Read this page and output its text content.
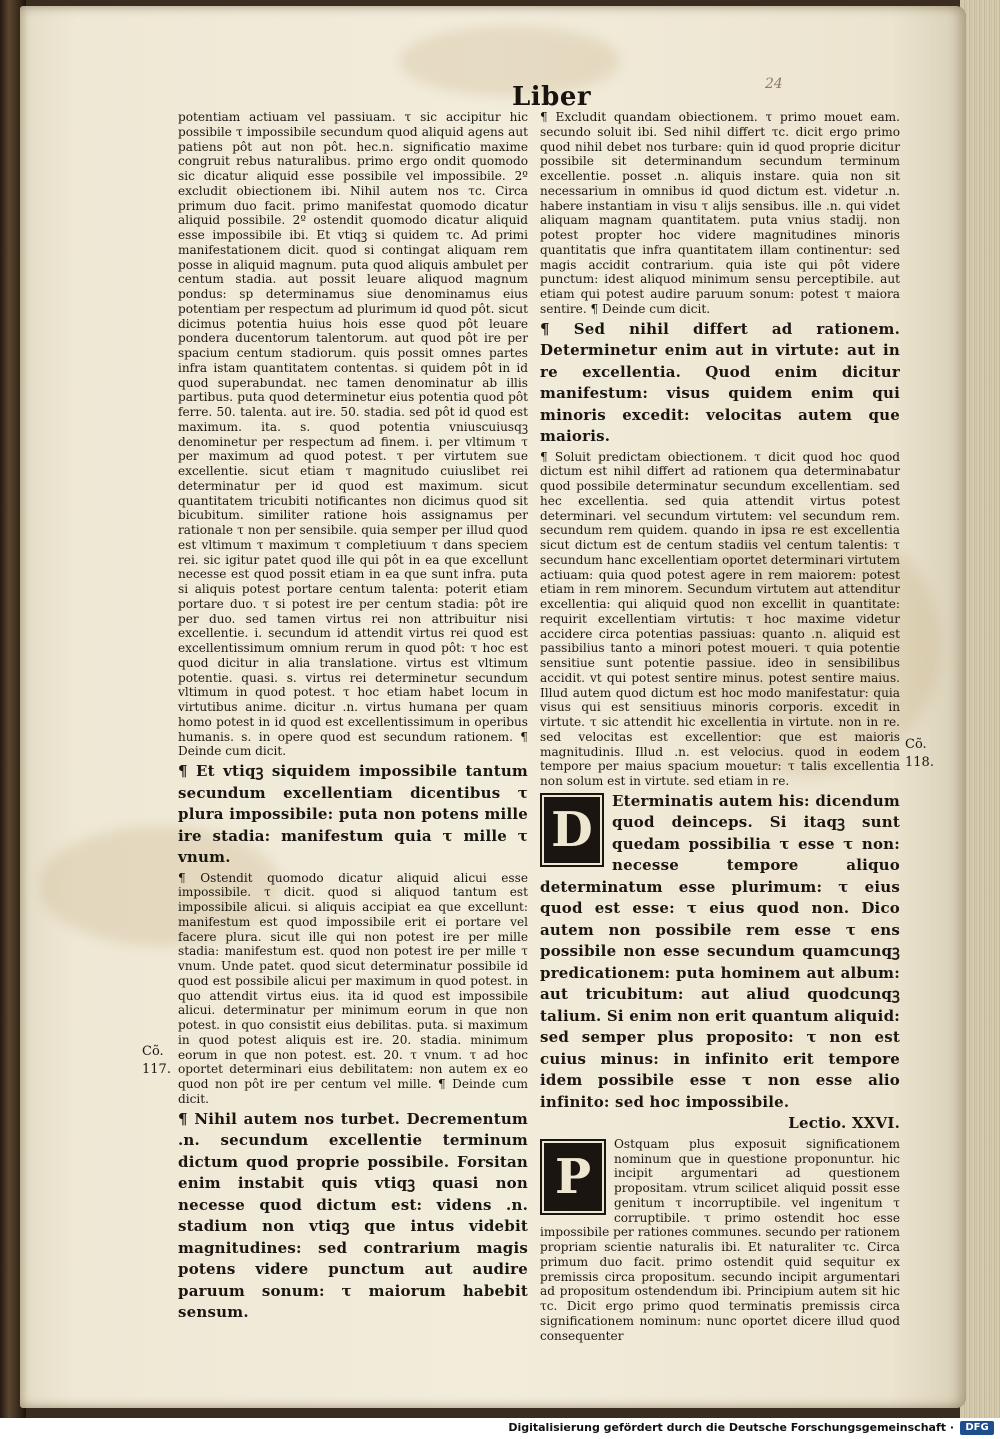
24
Liber

potentiam actiuam vel passiuam. τ sic accipitur hic possibile τ impossibile secundum quod aliquid agens aut patiens pôt aut non pôt. hec.n. significatio maxime congruit rebus naturalibus. primo ergo ondit quomodo sic dicatur aliquid esse possibile vel impossibile. 2º excludit obiectionem ibi. Nihil autem nos τc. Circa primum duo facit. primo manifestat quomodo dicatur aliquid possibile. 2º ostendit quomodo dicatur aliquid esse impossibile ibi. Et vtiqꝫ si quidem τc. Ad primi manifestationem dicit. quod si contingat aliquam rem posse in aliquid magnum. puta quod aliquis ambulet per centum stadia. aut possit leuare aliquod magnum pondus: sp determinamus siue denominamus eius potentiam per respectum ad plurimum id quod pôt. sicut dicimus potentia huius hois esse quod pôt leuare pondera ducentorum talentorum. aut quod pôt ire per spacium centum stadiorum. quis possit omnes partes infra istam quantitatem contentas. si quidem pôt in id quod superabundat. nec tamen denominatur ab illis partibus. puta quod determinetur eius potentia quod pôt ferre. 50. talenta. aut ire. 50. stadia. sed pôt id quod est maximum. ita. s. quod potentia vniuscuiusqꝫ denominetur per respectum ad finem. i. per vltimum τ per maximum ad quod potest. τ per virtutem sue excellentie. sicut etiam τ magnitudo cuiuslibet rei determinatur per id quod est maximum. sicut quantitatem tricubiti notificantes non dicimus quod sit bicubitum. similiter ratione hois assignamus per rationale τ non per sensibile. quia semper per illud quod est vltimum τ maximum τ completiuum τ dans speciem rei. sic igitur patet quod ille qui pôt in ea que excellunt necesse est quod possit etiam in ea que sunt infra. puta si aliquis potest portare centum talenta: poterit etiam portare duo. τ si potest ire per centum stadia: pôt ire per duo. sed tamen virtus rei non attribuitur nisi excellentie. i. secundum id attendit virtus rei quod est excellentissimum omnium rerum in quod pôt: τ hoc est quod dicitur in alia translatione. virtus est vltimum potentie. quasi. s. virtus rei determinetur secundum vltimum in quod potest. τ hoc etiam habet locum in virtutibus anime. dicitur .n. virtus humana per quam homo potest in id quod est excellentissimum in operibus humanis. s. in opere quod est secundum rationem. ¶ Deinde cum dicit.

¶ Et vtiqꝫ siquidem impossibile tantum secundum excellentiam dicentibus τ plura impossibile: puta non potens mille ire stadia: manifestum quia τ mille τ vnum.

¶ Ostendit quomodo dicatur aliquid alicui esse impossibile. τ dicit. quod si aliquod tantum est impossibile alicui. si aliquis accipiat ea que excellunt: manifestum est quod impossibile erit ei portare vel facere plura. sicut ille qui non potest ire per mille stadia: manifestum est. quod non potest ire per mille τ vnum. Unde patet. quod sicut determinatur possibile id quod est possibile alicui per maximum in quod potest. in quo attendit virtus eius. ita id quod est impossibile alicui. determinatur per minimum eorum in que non potest. in quo consistit eius debilitas. puta. si maximum in quod potest aliquis est ire. 20. stadia. minimum eorum in que non potest. est. 20. τ vnum. τ ad hoc oportet determinari eius debilitatem: non autem ex eo quod non pôt ire per centum vel mille. ¶ Deinde cum dicit.

¶ Nihil autem nos turbet. Decrementum .n. secundum excellentie terminum dictum quod proprie possibile. Forsitan enim instabit quis vtiqꝫ quasi non necesse quod dictum est: videns .n. stadium non vtiqꝫ que intus videbit magnitudines: sed contrarium magis potens videre punctum aut audire paruum sonum: τ maiorum habebit sensum.

Cõ. 117.

¶ Excludit quandam obiectionem. τ primo mouet eam. secundo soluit ibi. Sed nihil differt τc. dicit ergo primo quod nihil debet nos turbare: quin id quod proprie dicitur possibile sit determinandum secundum terminum excellentie. posset .n. aliquis instare. quia non sit necessarium in omnibus id quod dictum est. videtur .n. habere instantiam in visu τ alijs sensibus. ille .n. qui videt aliquam magnam quantitatem. puta vnius stadij. non potest propter hoc videre magnitudines minoris quantitatis que infra quantitatem illam continentur: sed magis accidit contrarium. quia iste qui pôt videre punctum: idest aliquod minimum sensu perceptibile. aut etiam qui potest audire paruum sonum: potest τ maiora sentire. ¶ Deinde cum dicit.

¶ Sed nihil differt ad rationem. Determinetur enim aut in virtute: aut in re excellentia. Quod enim dicitur manifestum: visus quidem enim qui minoris excedit: velocitas autem que maioris.

¶ Soluit predictam obiectionem. τ dicit quod hoc quod dictum est nihil differt ad rationem qua determinabatur quod possibile determinatur secundum excellentiam. sed hec excellentia. sed quia attendit virtus potest determinari. vel secundum virtutem: vel secundum rem. secundum rem quidem. quando in ipsa re est excellentia sicut dictum est de centum stadiis vel centum talentis: τ secundum hanc excellentiam oportet determinari virtutem actiuam: quia quod potest agere in rem maiorem: potest etiam in rem minorem. Secundum virtutem aut attenditur excellentia: qui aliquid quod non excellit in quantitate: requirit excellentiam virtutis: τ hoc maxime videtur accidere circa potentias passiuas: quanto .n. aliquid est passibilius tanto a minori potest moueri. τ quia potentie sensitiue sunt potentie passiue. ideo in sensibilibus accidit. vt qui potest sentire minus. potest sentire maius. Illud autem quod dictum est hoc modo manifestatur: quia visus qui est sensitiuus minoris corporis. excedit in virtute. τ sic attendit hic excellentia in virtute. non in re. sed velocitas est excellentior: que est maioris magnitudinis. Illud .n. est velocius. quod in eodem tempore per maius spacium mouetur: τ talis excellentia non solum est in virtute. sed etiam in re.

D
Eterminatis autem his: dicendum quod deinceps. Si itaqꝫ sunt quedam possibilia τ esse τ non: necesse tempore aliquo determinatum esse plurimum: τ eius quod est esse: τ eius quod non. Dico autem non possibile rem esse τ ens possibile non esse secundum quamcunqꝫ predicationem: puta hominem aut album: aut tricubitum: aut aliud quodcunqꝫ talium. Si enim non erit quantum aliquid: sed semper plus proposito: τ non est cuius minus: in infinito erit tempore idem possibile esse τ non esse alio infinito: sed hoc impossibile.
Lectio. XXVI.
P
Ostquam plus exposuit significationem nominum que in questione proponuntur. hic incipit argumentari ad questionem propositam. vtrum scilicet aliquid possit esse genitum τ incorruptibile. vel ingenitum τ corruptibile. τ primo ostendit hoc esse impossibile per rationes communes. secundo per rationem propriam scientie naturalis ibi. Et naturaliter τc. Circa primum duo facit. primo ostendit quid sequitur ex premissis circa propositum. secundo incipit argumentari ad propositum ostendendum ibi. Principium autem sit hic τc. Dicit ergo primo quod terminatis premissis circa significationem nominum: nunc oportet dicere illud quod consequenter
Cõ. 118.
Digitalisierung gefördert durch die Deutsche Forschungsgemeinschaft ·	DFG
